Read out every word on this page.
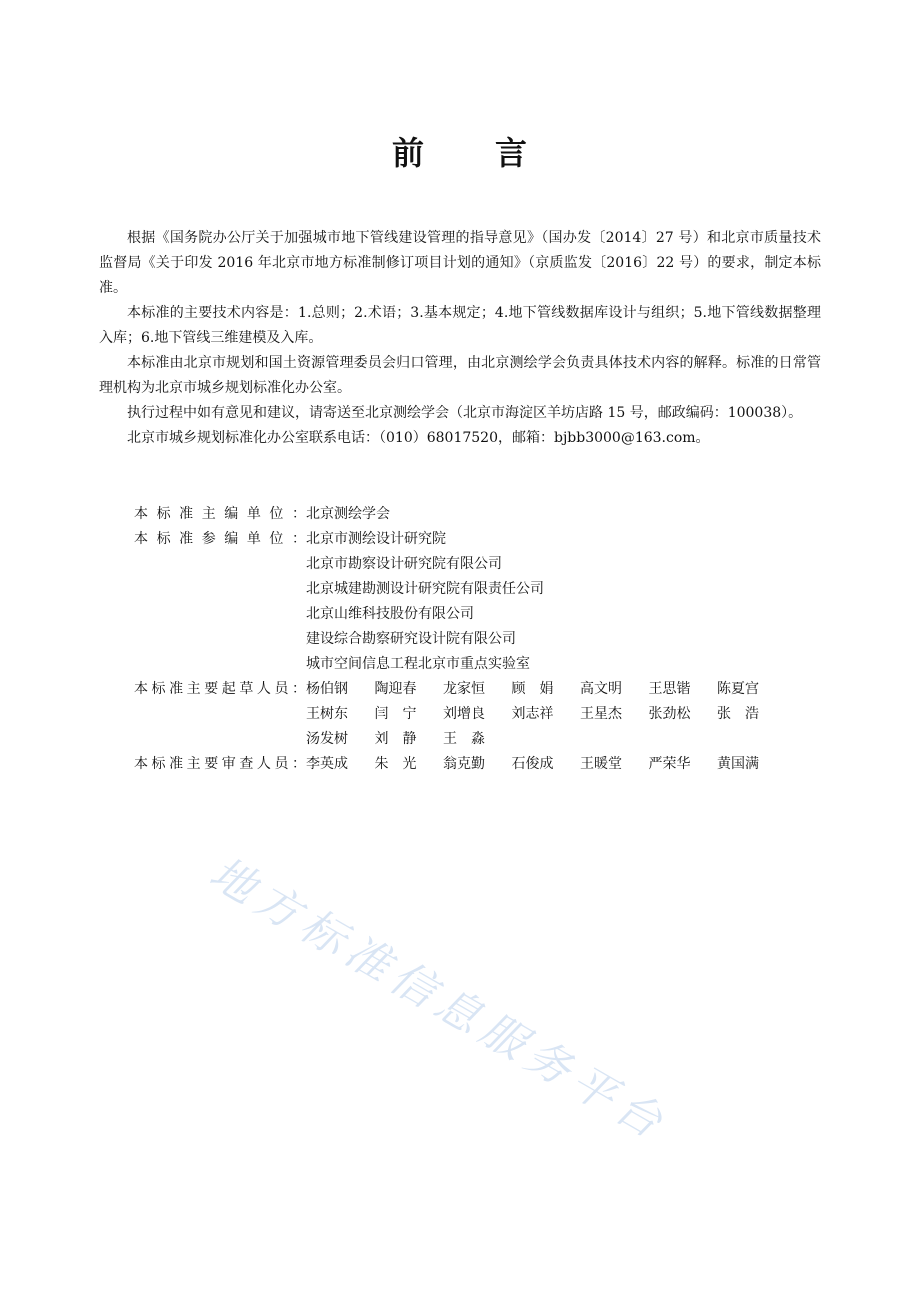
前 言

根据《国务院办公厅关于加强城市地下管线建设管理的指导意见》（国办发〔2014〕27 号）和北京市质量技术监督局《关于印发 2016 年北京市地方标准制修订项目计划的通知》（京质监发〔2016〕22 号）的要求，制定本标准。

本标准的主要技术内容是：1.总则；2.术语；3.基本规定；4.地下管线数据库设计与组织；5.地下管线数据整理入库；6.地下管线三维建模及入库。

本标准由北京市规划和国土资源管理委员会归口管理，由北京测绘学会负责具体技术内容的解释。标准的日常管理机构为北京市城乡规划标准化办公室。

执行过程中如有意见和建议，请寄送至北京测绘学会（北京市海淀区羊坊店路 15 号，邮政编码：100038）。

北京市城乡规划标准化办公室联系电话：（010）68017520，邮箱：bjbb3000@163.com。

本标准主编单位： 北京测绘学会
本标准参编单位： 北京市测绘设计研究院
北京市勘察设计研究院有限公司
北京城建勘测设计研究院有限责任公司
北京山维科技股份有限公司
建设综合勘察研究设计院有限公司
城市空间信息工程北京市重点实验室
本标准主要起草人员： 杨伯钢	陶迎春	龙家恒	顾　娟	高文明	王思锴	陈夏宫
王树东	闫　宁	刘增良	刘志祥	王星杰	张劲松	张　浩
汤发树	刘　静	王　淼
本标准主要审查人员： 李英成	朱　光	翁克勤	石俊成	王暖堂	严荣华	黄国满
地方标准信息服务平台
